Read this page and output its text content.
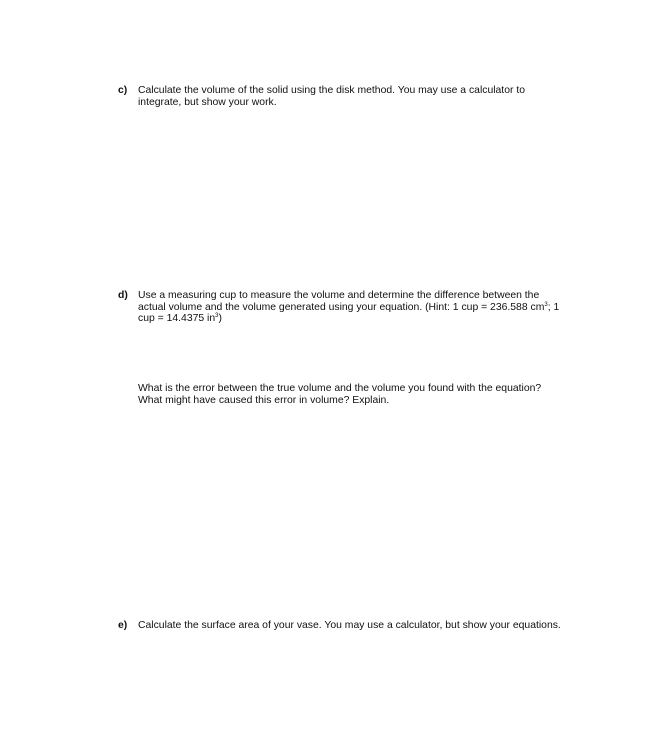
c) Calculate the volume of the solid using the disk method. You may use a calculator to
integrate, but show your work.
d) Use a measuring cup to measure the volume and determine the difference between the
actual volume and the volume generated using your equation. (Hint: 1 cup = 236.588 $cm^3$; 1
cup = 14.4375 $in^3$)
What is the error between the true volume and the volume you found with the equation?
What might have caused this error in volume? Explain.
e) Calculate the surface area of your vase. You may use a calculator, but show your equations.
